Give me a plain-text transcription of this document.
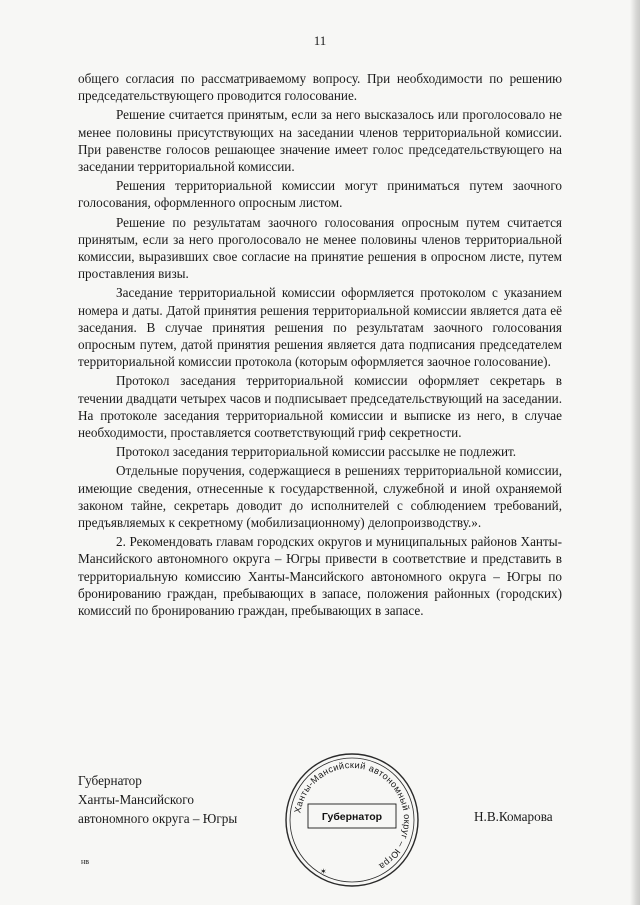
11

общего согласия по рассматриваемому вопросу. При необходимости по решению председательствующего проводится голосование.

Решение считается принятым, если за него высказалось или проголосовало не менее половины присутствующих на заседании членов территориальной комиссии. При равенстве голосов решающее значение имеет голос председательствующего на заседании территориальной комиссии.

Решения территориальной комиссии могут приниматься путем заочного голосования, оформленного опросным листом.

Решение по результатам заочного голосования опросным путем считается принятым, если за него проголосовало не менее половины членов территориальной комиссии, выразивших свое согласие на принятие решения в опросном листе, путем проставления визы.

Заседание территориальной комиссии оформляется протоколом с указанием номера и даты. Датой принятия решения территориальной комиссии является дата её заседания. В случае принятия решения по результатам заочного голосования опросным путем, датой принятия решения является дата подписания председателем территориальной комиссии протокола (которым оформляется заочное голосование).

Протокол заседания территориальной комиссии оформляет секретарь в течении двадцати четырех часов и подписывает председательствующий на заседании. На протоколе заседания территориальной комиссии и выписке из него, в случае необходимости, проставляется соответствующий гриф секретности.

Протокол заседания территориальной комиссии рассылке не подлежит.

Отдельные поручения, содержащиеся в решениях территориальной комиссии, имеющие сведения, отнесенные к государственной, служебной и иной охраняемой законом тайне, секретарь доводит до исполнителей с соблюдением требований, предъявляемых к секретному (мобилизационному) делопроизводству.».

2. Рекомендовать главам городских округов и муниципальных районов Ханты-Мансийского автономного округа – Югры привести в соответствие и представить в территориальную комиссию Ханты-Мансийского автономного округа – Югры по бронированию граждан, пребывающих в запасе, положения районных (городских) комиссий по бронированию граждан, пребывающих в запасе.

Губернатор
Ханты-Мансийского
автономного округа – Югры
Ханты-Мансийский автономный округ – Югра
✶
Губернатор	Н.В.Комарова
нв
